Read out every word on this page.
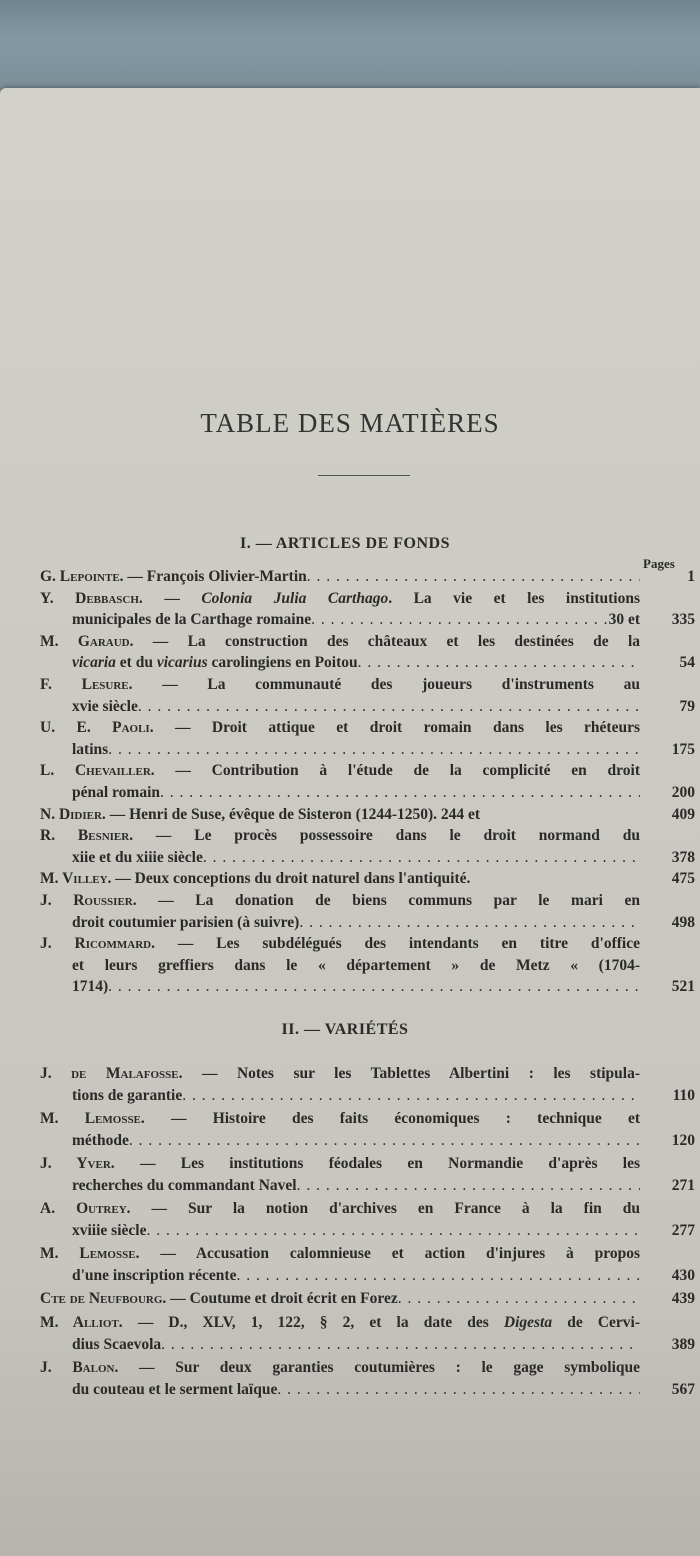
TABLE DES MATIÈRES
I. — ARTICLES DE FONDS
Pages
G. Lepointe. — François Olivier-Martin . . .	1
Y. Debbasch. — Colonia Julia Carthago. La vie et les institutions
municipales de la Carthage romaine . . .	30 et	335
M. Garaud. — La construction des châteaux et les destinées de la
vicaria et du vicarius carolingiens en Poitou . . .	54
F. Lesure. — La communauté des joueurs d'instruments au
xvie siècle . . .	79
U. E. Paoli. — Droit attique et droit romain dans les rhéteurs
latins . . .	175
L. Chevailler. — Contribution à l'étude de la complicité en droit
pénal romain . . .	200
N. Didier. — Henri de Suse, évêque de Sisteron (1244-1250). 244 et	409
R. Besnier. — Le procès possessoire dans le droit normand du
xiie et du xiiie siècle . . .	378
M. Villey. — Deux conceptions du droit naturel dans l'antiquité.	475
J. Roussier. — La donation de biens communs par le mari en
droit coutumier parisien (à suivre) . . .	498
J. Ricommard. — Les subdélégués des intendants en titre d'office
et leurs greffiers dans le « département » de Metz « (1704-
1714) . . .	521
II. — VARIÉTÉS
J. de Malafosse. — Notes sur les Tablettes Albertini : les stipula-
tions de garantie . . .	110
M. Lemosse. — Histoire des faits économiques : technique et
méthode . . .	120
J. Yver. — Les institutions féodales en Normandie d'après les
recherches du commandant Navel . . .	271
A. Outrey. — Sur la notion d'archives en France à la fin du
xviiie siècle . . .	277
M. Lemosse. — Accusation calomnieuse et action d'injures à propos
d'une inscription récente . . .	430
Cte de Neufbourg. — Coutume et droit écrit en Forez . . .	439
M. Alliot. — D., XLV, 1, 122, § 2, et la date des Digesta de Cervi-
dius Scaevola . . .	389
J. Balon. — Sur deux garanties coutumières : le gage symbolique
du couteau et le serment laïque . . .	567
